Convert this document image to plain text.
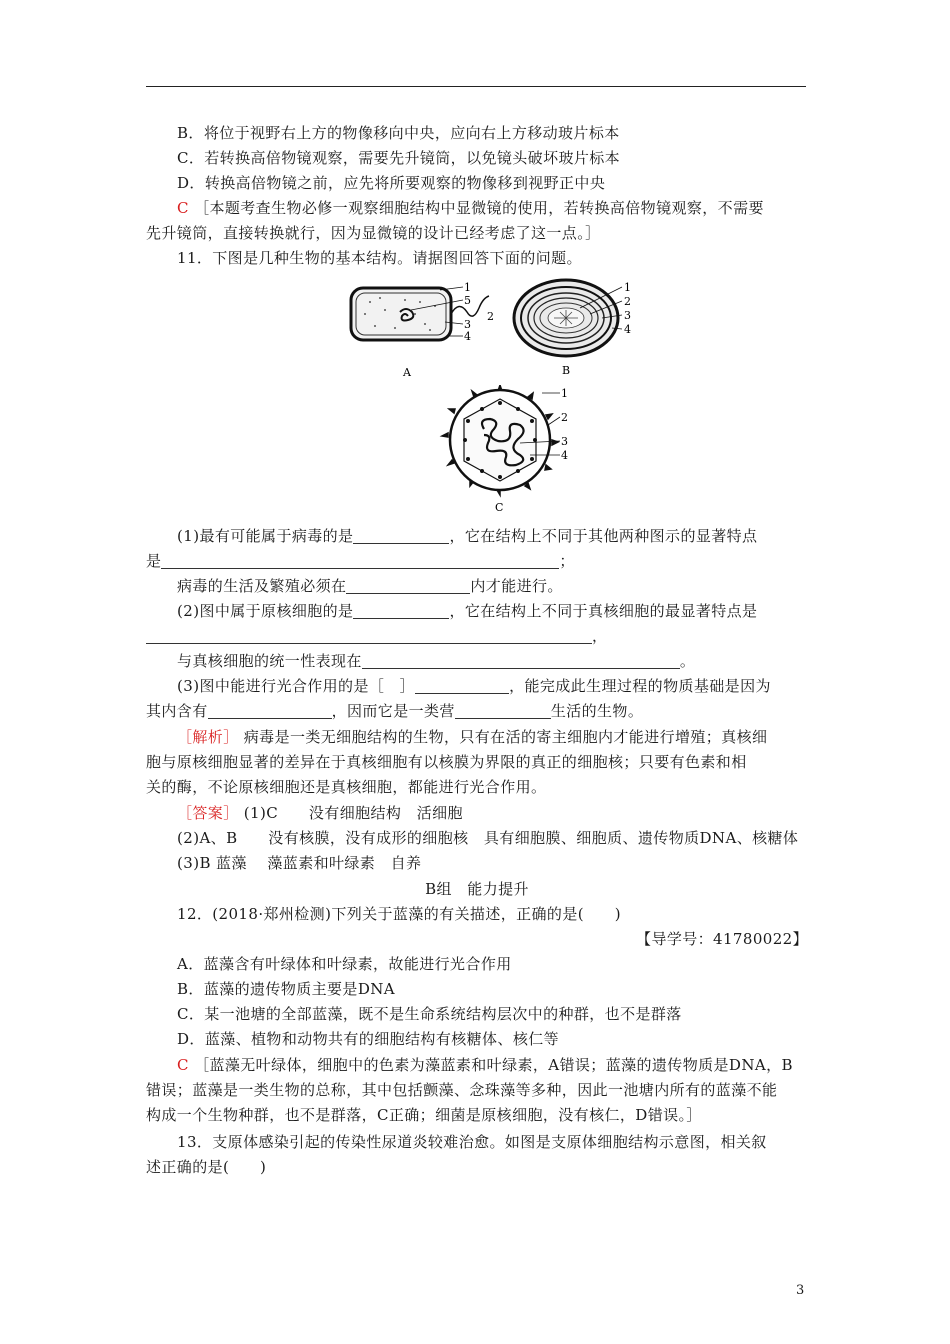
B．将位于视野右上方的物像移向中央，应向右上方移动玻片标本
C．若转换高倍物镜观察，需要先升镜筒，以免镜头破坏玻片标本
D．转换高倍物镜之前，应先将所要观察的物像移到视野正中央
C ［本题考查生物必修一观察细胞结构中显微镜的使用，若转换高倍物镜观察，不需要
先升镜筒，直接转换就行，因为显微镜的设计已经考虑了这一点。］
11．下图是几种生物的基本结构。请据图回答下面的问题。
1
5
2
3
4
A
1
2
3
4
B
1
2
3
4
C
(1)最有可能属于病毒的是	，它在结构上不同于其他两种图示的显著特点
是	；
病毒的生活及繁殖必须在	内才能进行。
(2)图中属于原核细胞的是	，它在结构上不同于真核细胞的最显著特点是
，
与真核细胞的统一性表现在	。
(3)图中能进行光合作用的是［　］	，能完成此生理过程的物质基础是因为
其内含有	，因而它是一类营	生活的生物。
［解析］ 病毒是一类无细胞结构的生物，只有在活的寄主细胞内才能进行增殖；真核细
胞与原核细胞显著的差异在于真核细胞有以核膜为界限的真正的细胞核；只要有色素和相
关的酶，不论原核细胞还是真核细胞，都能进行光合作用。
［答案］ (1)C　　没有细胞结构　活细胞
(2)A、B　　没有核膜，没有成形的细胞核　具有细胞膜、细胞质、遗传物质DNA、核糖体
(3)B 蓝藻　 藻蓝素和叶绿素　自养
B组　能力提升
12．(2018·郑州检测)下列关于蓝藻的有关描述，正确的是(　　)
【导学号：41780022】
A．蓝藻含有叶绿体和叶绿素，故能进行光合作用
B．蓝藻的遗传物质主要是DNA
C．某一池塘的全部蓝藻，既不是生命系统结构层次中的种群，也不是群落
D．蓝藻、植物和动物共有的细胞结构有核糖体、核仁等
C ［蓝藻无叶绿体，细胞中的色素为藻蓝素和叶绿素，A错误；蓝藻的遗传物质是DNA，B
错误；蓝藻是一类生物的总称，其中包括颤藻、念珠藻等多种，因此一池塘内所有的蓝藻不能
构成一个生物种群，也不是群落，C正确；细菌是原核细胞，没有核仁，D错误。］
13．支原体感染引起的传染性尿道炎较难治愈。如图是支原体细胞结构示意图，相关叙
述正确的是(　　)
3
